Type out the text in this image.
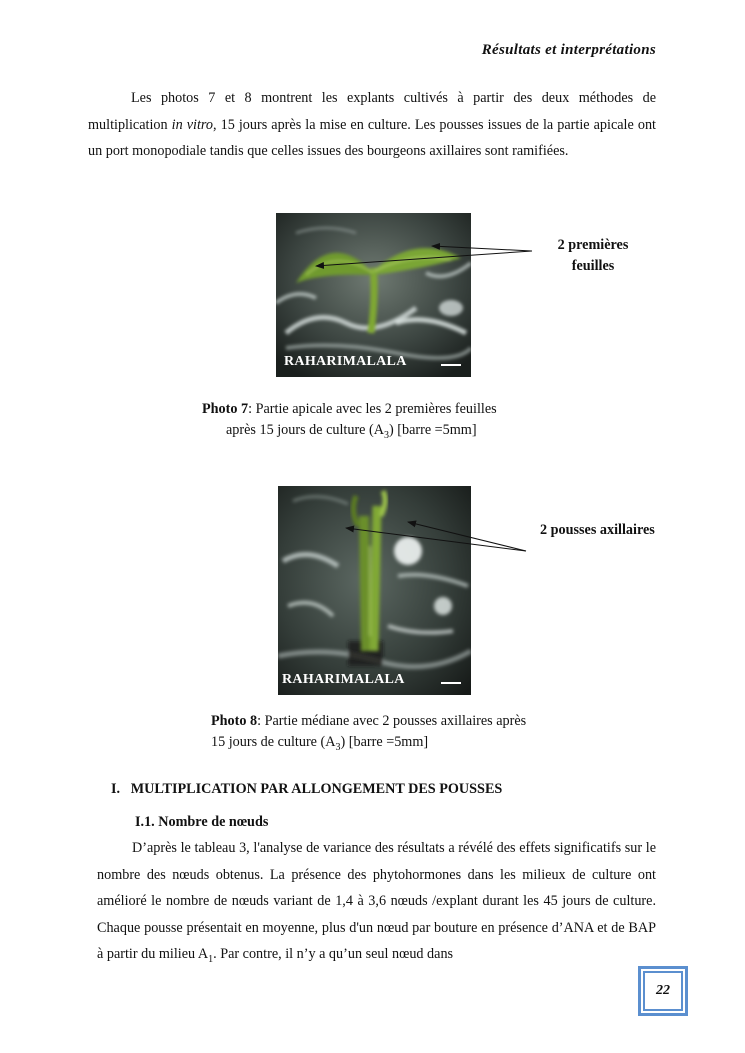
Résultats et interprétations

Les photos 7 et 8 montrent les explants cultivés à partir des deux méthodes de multiplication in vitro, 15 jours après la mise en culture. Les pousses issues de la partie apicale ont un port monopodiale tandis que celles issues des bourgeons axillaires sont ramifiées.

RAHARIMALALA
2 premières
feuilles
Photo 7: Partie apicale avec les 2 premières feuilles
après 15 jours de culture $(A_3)$ [barre =5mm]
RAHARIMALALA
2 pousses axillaires
Photo 8: Partie médiane avec 2 pousses axillaires après
15 jours de culture $(A_3)$ [barre =5mm]
I. MULTIPLICATION PAR ALLONGEMENT DES POUSSES
I.1. Nombre de nœuds

D’après le tableau 3, l'analyse de variance des résultats a révélé des effets significatifs sur le nombre des nœuds obtenus. La présence des phytohormones dans les milieux de culture ont amélioré le nombre de nœuds variant de 1,4 à 3,6 nœuds /explant durant les 45 jours de culture. Chaque pousse présentait en moyenne, plus d'un nœud par bouture en présence d’ANA et de BAP à partir du milieu $A_1$. Par contre, il n’y a qu’un seul nœud dans

22
